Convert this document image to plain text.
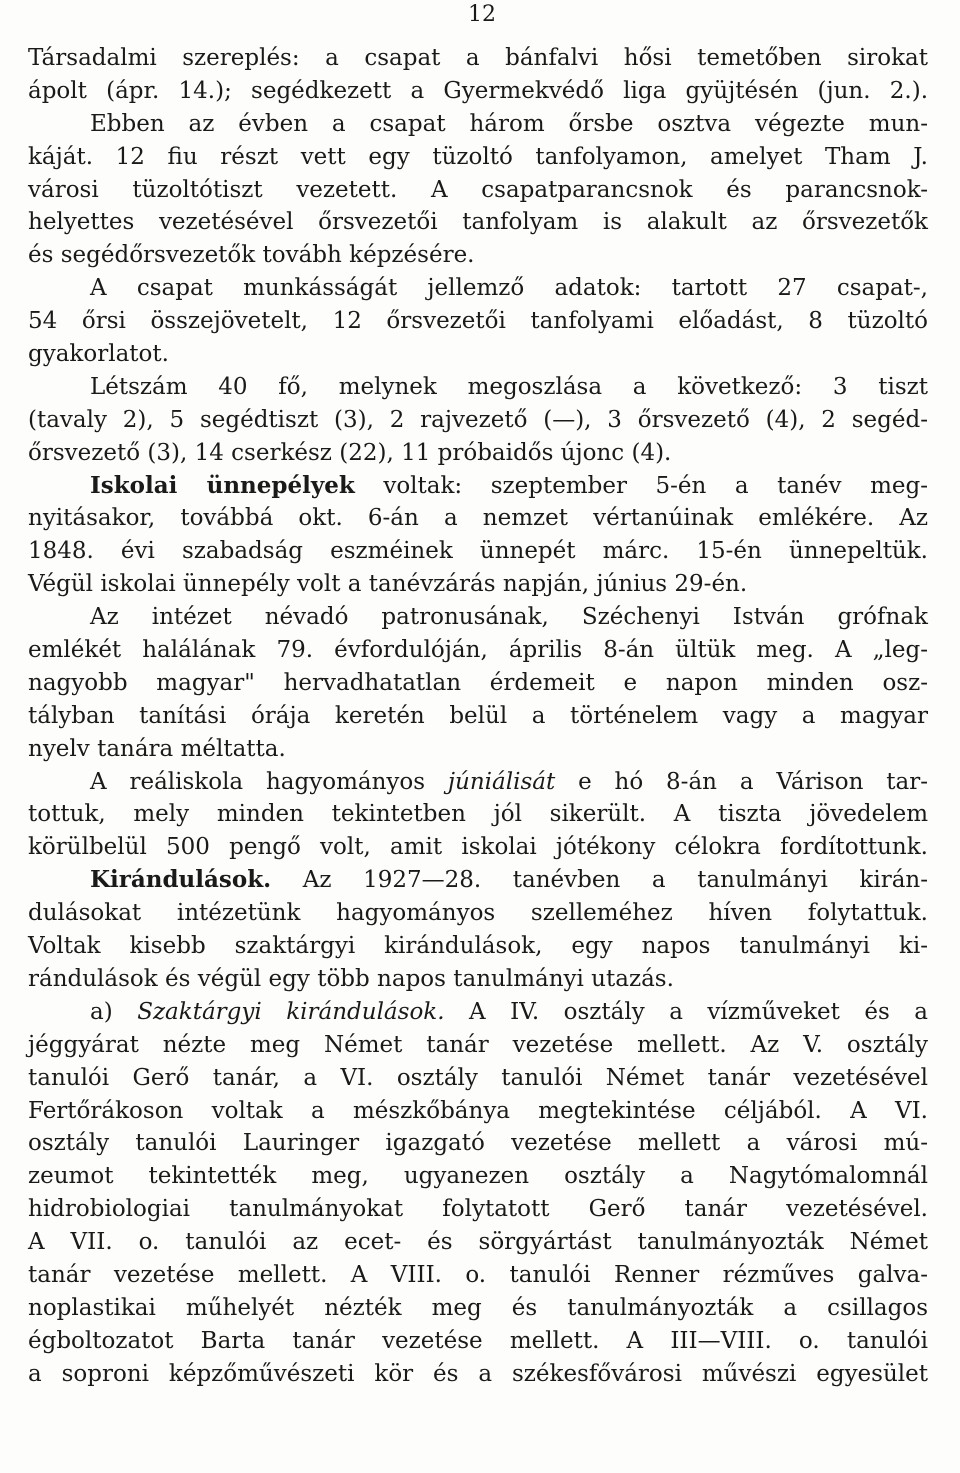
12
Társadalmi szereplés: a csapat a bánfalvi hősi temetőben sirokat
ápolt (ápr. 14.); segédkezett a Gyermekvédő liga gyüjtésén (jun. 2.).
Ebben az évben a csapat három őrsbe osztva végezte mun-
káját. 12 fiu részt vett egy tüzoltó tanfolyamon, amelyet Tham J.
városi tüzoltótiszt vezetett. A csapatparancsnok és parancsnok-
helyettes vezetésével őrsvezetői tanfolyam is alakult az őrsvezetők
és segédőrsvezetők továbh képzésére.
A csapat munkásságát jellemző adatok: tartott 27 csapat-,
54 őrsi összejövetelt, 12 őrsvezetői tanfolyami előadást, 8 tüzoltó
gyakorlatot.
Létszám 40 fő, melynek megoszlása a következő: 3 tiszt
(tavaly 2), 5 segédtiszt (3), 2 rajvezető (—), 3 őrsvezető (4), 2 segéd-
őrsvezető (3), 14 cserkész (22), 11 próbaidős újonc (4).
Iskolai ünnepélyek voltak: szeptember 5-én a tanév meg-
nyitásakor, továbbá okt. 6-án a nemzet vértanúinak emlékére. Az
1848. évi szabadság eszméinek ünnepét márc. 15-én ünnepeltük.
Végül iskolai ünnepély volt a tanévzárás napján, június 29-én.
Az intézet névadó patronusának, Széchenyi István grófnak
emlékét halálának 79. évfordulóján, április 8-án ültük meg. A „leg-
nagyobb magyar" hervadhatatlan érdemeit e napon minden osz-
tályban tanítási órája keretén belül a történelem vagy a magyar
nyelv tanára méltatta.
A reáliskola hagyományos júniálisát e hó 8-án a Várison tar-
tottuk, mely minden tekintetben jól sikerült. A tiszta jövedelem
körülbelül 500 pengő volt, amit iskolai jótékony célokra fordítottunk.
Kirándulások. Az 1927—28. tanévben a tanulmányi kirán-
dulásokat intézetünk hagyományos szelleméhez híven folytattuk.
Voltak kisebb szaktárgyi kirándulások, egy napos tanulmányi ki-
rándulások és végül egy több napos tanulmányi utazás.
a) Szaktárgyi kirándulások. A IV. osztály a vízműveket és a
jéggyárat nézte meg Német tanár vezetése mellett. Az V. osztály
tanulói Gerő tanár, a VI. osztály tanulói Német tanár vezetésével
Fertőrákoson voltak a mészkőbánya megtekintése céljából. A VI.
osztály tanulói Lauringer igazgató vezetése mellett a városi mú-
zeumot tekintették meg, ugyanezen osztály a Nagytómalomnál
hidrobiologiai tanulmányokat folytatott Gerő tanár vezetésével.
A VII. o. tanulói az ecet- és sörgyártást tanulmányozták Német
tanár vezetése mellett. A VIII. o. tanulói Renner rézműves galva-
noplastikai műhelyét nézték meg és tanulmányozták a csillagos
égboltozatot Barta tanár vezetése mellett. A III—VIII. o. tanulói
a soproni képzőművészeti kör és a székesfővárosi művészi egyesület
